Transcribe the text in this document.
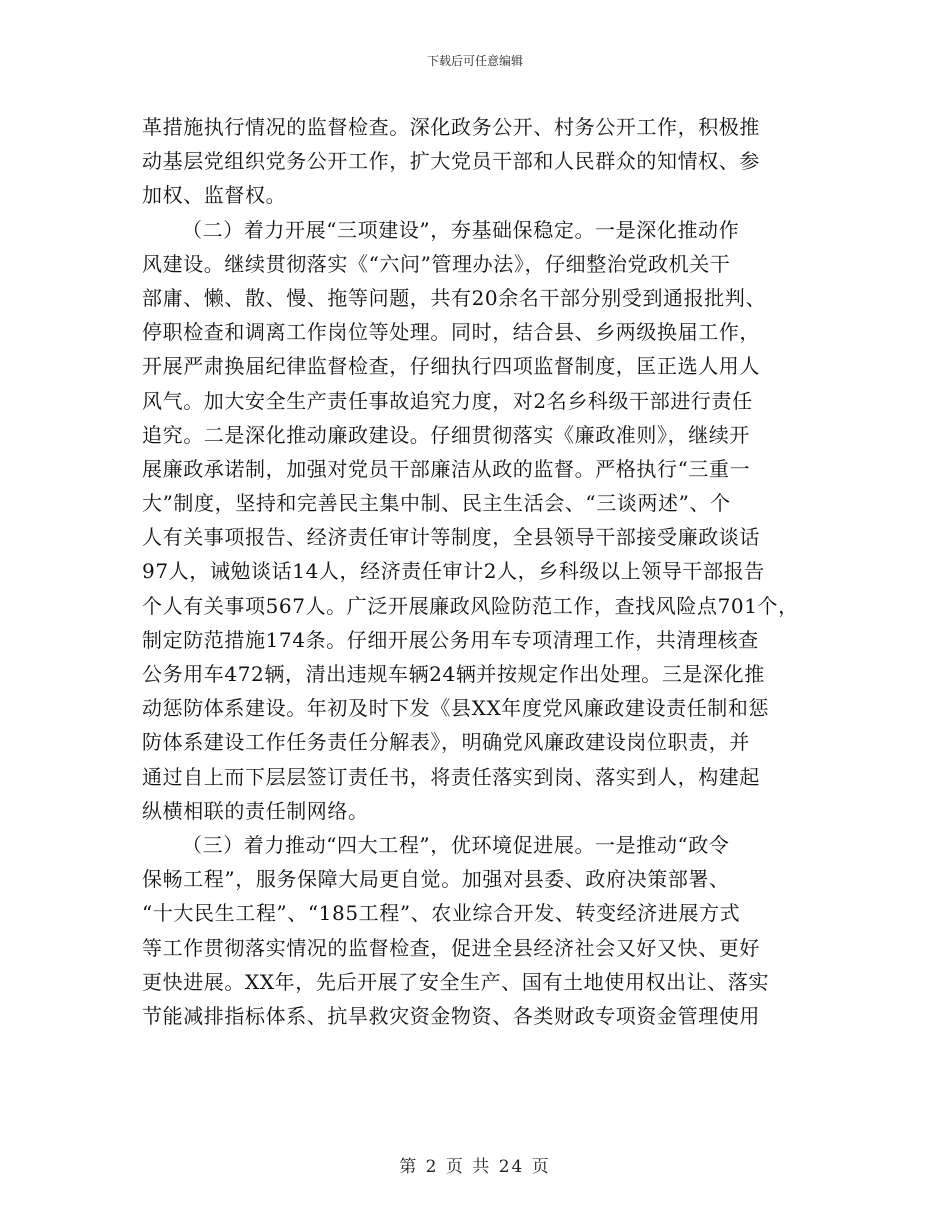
下载后可任意编辑
革措施执行情况的监督检查。深化政务公开、村务公开工作，积极推
动基层党组织党务公开工作，扩大党员干部和人民群众的知情权、参
加权、监督权。
（二）着力开展“三项建设”，夯基础保稳定。一是深化推动作
风建设。继续贯彻落实《“六问”管理办法》，仔细整治党政机关干
部庸、懒、散、慢、拖等问题，共有20余名干部分别受到通报批判、
停职检查和调离工作岗位等处理。同时，结合县、乡两级换届工作，
开展严肃换届纪律监督检查，仔细执行四项监督制度，匡正选人用人
风气。加大安全生产责任事故追究力度，对2名乡科级干部进行责任
追究。二是深化推动廉政建设。仔细贯彻落实《廉政准则》，继续开
展廉政承诺制，加强对党员干部廉洁从政的监督。严格执行“三重一
大”制度，坚持和完善民主集中制、民主生活会、“三谈两述”、个
人有关事项报告、经济责任审计等制度，全县领导干部接受廉政谈话
97人，诫勉谈话14人，经济责任审计2人，乡科级以上领导干部报告
个人有关事项567人。广泛开展廉政风险防范工作，查找风险点701个，
制定防范措施174条。仔细开展公务用车专项清理工作，共清理核查
公务用车472辆，清出违规车辆24辆并按规定作出处理。三是深化推
动惩防体系建设。年初及时下发《县XX年度党风廉政建设责任制和惩
防体系建设工作任务责任分解表》，明确党风廉政建设岗位职责，并
通过自上而下层层签订责任书，将责任落实到岗、落实到人，构建起
纵横相联的责任制网络。
（三）着力推动“四大工程”，优环境促进展。一是推动“政令
保畅工程”，服务保障大局更自觉。加强对县委、政府决策部署、
“十大民生工程”、“185工程”、农业综合开发、转变经济进展方式
等工作贯彻落实情况的监督检查，促进全县经济社会又好又快、更好
更快进展。XX年，先后开展了安全生产、国有土地使用权出让、落实
节能减排指标体系、抗旱救灾资金物资、各类财政专项资金管理使用
第 2 页 共 24 页
